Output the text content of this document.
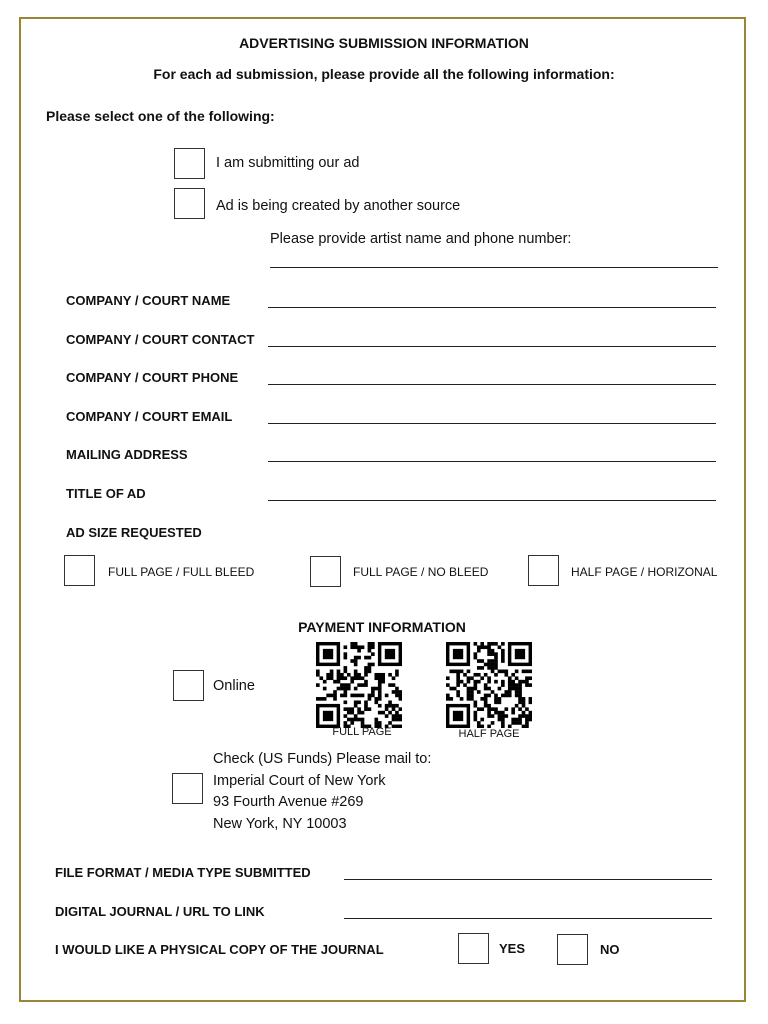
ADVERTISING SUBMISSION INFORMATION
For each ad submission, please provide all the following information:
Please select one of the following:
I am submitting our ad
Ad is being created by another source
Please provide artist name and phone number:
COMPANY / COURT NAME
COMPANY / COURT CONTACT
COMPANY / COURT PHONE
COMPANY / COURT EMAIL
MAILING ADDRESS
TITLE OF AD
AD SIZE REQUESTED
FULL PAGE / FULL BLEED	FULL PAGE / NO BLEED	HALF PAGE / HORIZONAL
PAYMENT INFORMATION
Online
FULL PAGE	HALF PAGE
Check (US Funds) Please mail to:
Imperial Court of New York
93 Fourth Avenue #269
New York, NY 10003
FILE FORMAT / MEDIA TYPE SUBMITTED
DIGITAL JOURNAL / URL TO LINK
I WOULD LIKE A PHYSICAL COPY OF THE JOURNAL	YES	NO
